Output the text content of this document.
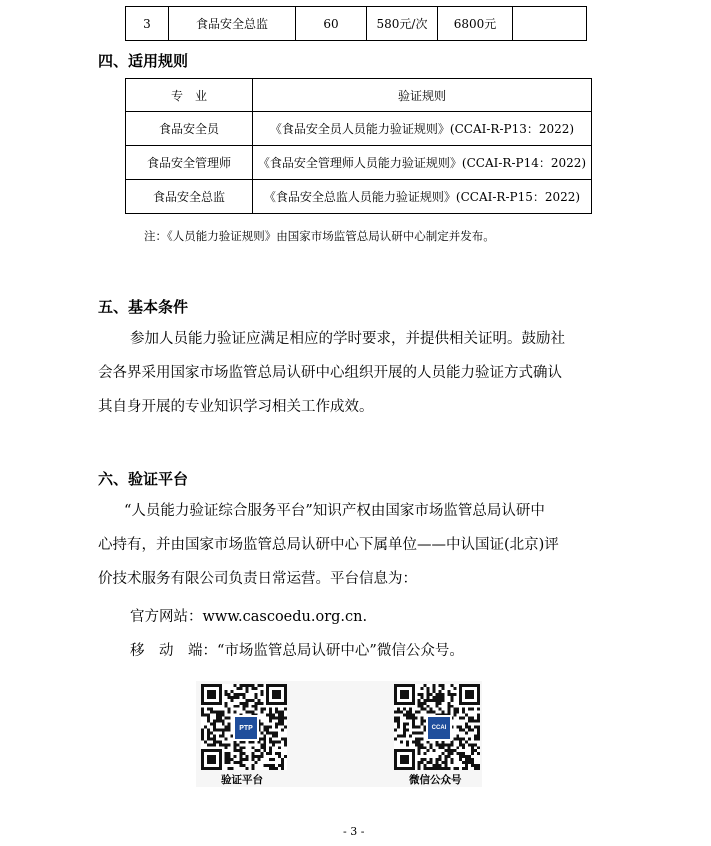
3	食品安全总监	60	580元/次	6800元	
四、适用规则
专　业	验证规则
食品安全员	《食品安全员人员能力验证规则》(CCAI-R-P13：2022)
食品安全管理师	《食品安全管理师人员能力验证规则》(CCAI-R-P14：2022)
食品安全总监	《食品安全总监人员能力验证规则》(CCAI-R-P15：2022)
注：《人员能力验证规则》由国家市场监管总局认研中心制定并发布。
五、基本条件
参加人员能力验证应满足相应的学时要求，并提供相关证明。鼓励社
会各界采用国家市场监管总局认研中心组织开展的人员能力验证方式确认
其自身开展的专业知识学习相关工作成效。
六、验证平台
“人员能力验证综合服务平台”知识产权由国家市场监管总局认研中
心持有，并由国家市场监管总局认研中心下属单位——中认国证(北京)评
价技术服务有限公司负责日常运营。平台信息为：
官方网站：www.cascoedu.org.cn.
移　动　端：“市场监管总局认研中心”微信公众号。
PTP
验证平台
CCAI
微信公众号
- 3 -
